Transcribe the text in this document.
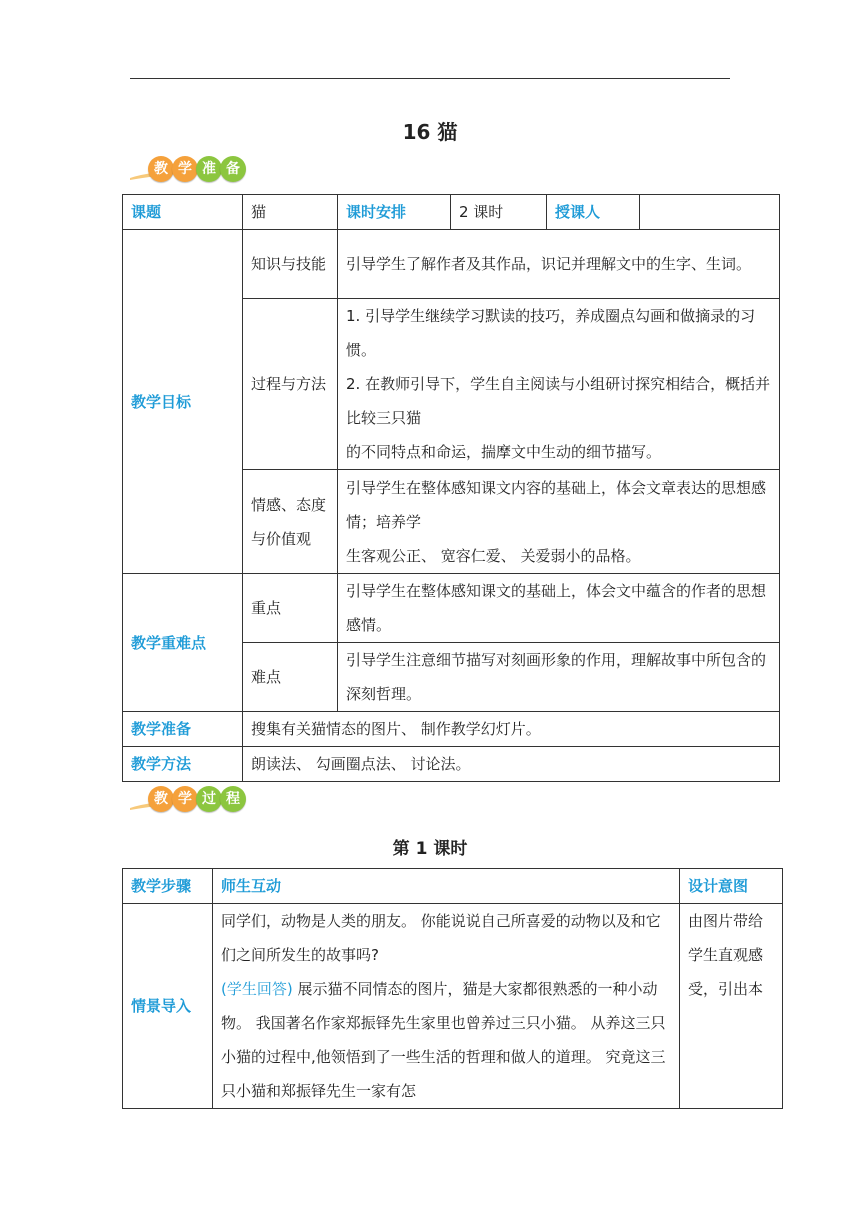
16 猫
教 学 准 备
课题	猫	课时安排	2 课时	授课人	
教学目标	知识与技能	引导学生了解作者及其作品，识记并理解文中的生字、生词。			
	过程与方法	1. 引导学生继续学习默读的技巧，养成圈点勾画和做摘录的习惯。

2. 在教师引导下，学生自主阅读与小组研讨探究相结合，概括并比较三只猫

的不同特点和命运，揣摩文中生动的细节描写。			

	情感、态度与价值观	引导学生在整体感知课文内容的基础上，体会文章表达的思想感情；培养学

生客观公正、 宽容仁爱、 关爱弱小的品格。			

教学重难点	重点	引导学生在整体感知课文的基础上，体会文中蕴含的作者的思想感情。			
	难点	引导学生注意细节描写对刻画形象的作用，理解故事中所包含的深刻哲理。			
教学准备	搜集有关猫情态的图片、 制作教学幻灯片。				
教学方法	朗读法、 勾画圈点法、 讨论法。				
教 学 过 程
第 1 课时
教学步骤	师生互动	设计意图
情景导入	同学们，动物是人类的朋友。 你能说说自己所喜爱的动物以及和它们之间所发生的故事吗?
(学生回答) 展示猫不同情态的图片，猫是大家都很熟悉的一种小动物。 我国著名作家郑振铎先生家里也曾养过三只小猫。 从养这三只小猫的过程中,他领悟到了一些生活的哲理和做人的道理。 究竟这三只小猫和郑振铎先生一家有怎	由图片带给学生直观感受，引出本
